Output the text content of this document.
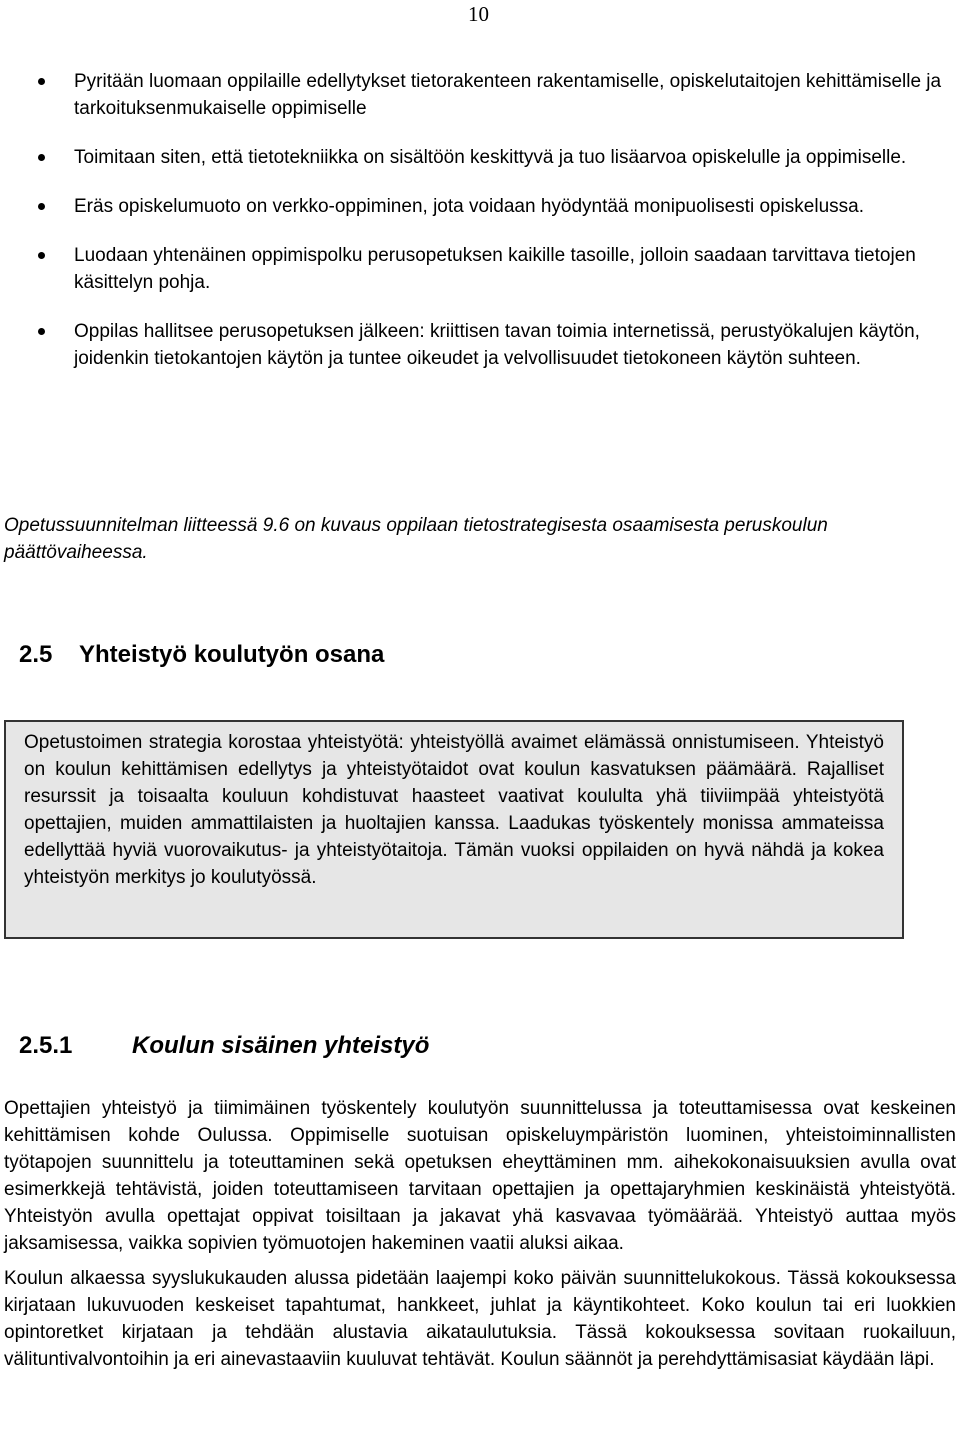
10
Pyritään luomaan oppilaille edellytykset tietorakenteen rakentamiselle, opiskelutaitojen kehittämiselle ja tarkoituksenmukaiselle oppimiselle
Toimitaan siten, että tietotekniikka on sisältöön keskittyvä ja tuo lisäarvoa opiskelulle ja oppimiselle.
Eräs opiskelumuoto on verkko-oppiminen, jota voidaan hyödyntää monipuolisesti opiskelussa.
Luodaan yhtenäinen oppimispolku perusopetuksen kaikille tasoille, jolloin saadaan tarvittava tietojen käsittelyn pohja.
Oppilas hallitsee perusopetuksen jälkeen: kriittisen tavan toimia internetissä, perustyökalujen käytön, joidenkin tietokantojen käytön ja tuntee oikeudet ja velvollisuudet tietokoneen käytön suhteen.
Opetussuunnitelman liitteessä 9.6 on kuvaus oppilaan tietostrategisesta osaamisesta peruskoulun päättövaiheessa.
2.5 Yhteistyö koulutyön osana
Opetustoimen strategia korostaa yhteistyötä: yhteistyöllä avaimet elämässä onnistumiseen. Yhteistyö on koulun kehittämisen edellytys ja yhteistyötaidot ovat koulun kasvatuksen päämäärä. Rajalliset resurssit ja toisaalta kouluun kohdistuvat haasteet vaativat koululta yhä tiiviimpää yhteistyötä opettajien, muiden ammattilaisten ja huoltajien kanssa. Laadukas työskentely monissa ammateissa edellyttää hyviä vuorovaikutus- ja yhteistyötaitoja. Tämän vuoksi oppilaiden on hyvä nähdä ja kokea yhteistyön merkitys jo koulutyössä.
2.5.1 Koulun sisäinen yhteistyö

Opettajien yhteistyö ja tiimimäinen työskentely koulutyön suunnittelussa ja toteuttamisessa ovat keskeinen kehittämisen kohde Oulussa. Oppimiselle suotuisan opiskeluympäristön luominen, yhteistoiminnallisten työtapojen suunnittelu ja toteuttaminen sekä opetuksen eheyttäminen mm. aihekokonaisuuksien avulla ovat esimerkkejä tehtävistä, joiden toteuttamiseen tarvitaan opettajien ja opettajaryhmien keskinäistä yhteistyötä. Yhteistyön avulla opettajat oppivat toisiltaan ja jakavat yhä kasvavaa työmäärää. Yhteistyö auttaa myös jaksamisessa, vaikka sopivien työmuotojen hakeminen vaatii aluksi aikaa.

Koulun alkaessa syyslukukauden alussa pidetään laajempi koko päivän suunnittelukokous. Tässä kokouksessa kirjataan lukuvuoden keskeiset tapahtumat, hankkeet, juhlat ja käyntikohteet. Koko koulun tai eri luokkien opintoretket kirjataan ja tehdään alustavia aikataulutuksia. Tässä kokouksessa sovitaan ruokailuun, välituntivalvontoihin ja eri ainevastaaviin kuuluvat tehtävät. Koulun säännöt ja perehdyttämisasiat käydään läpi.
